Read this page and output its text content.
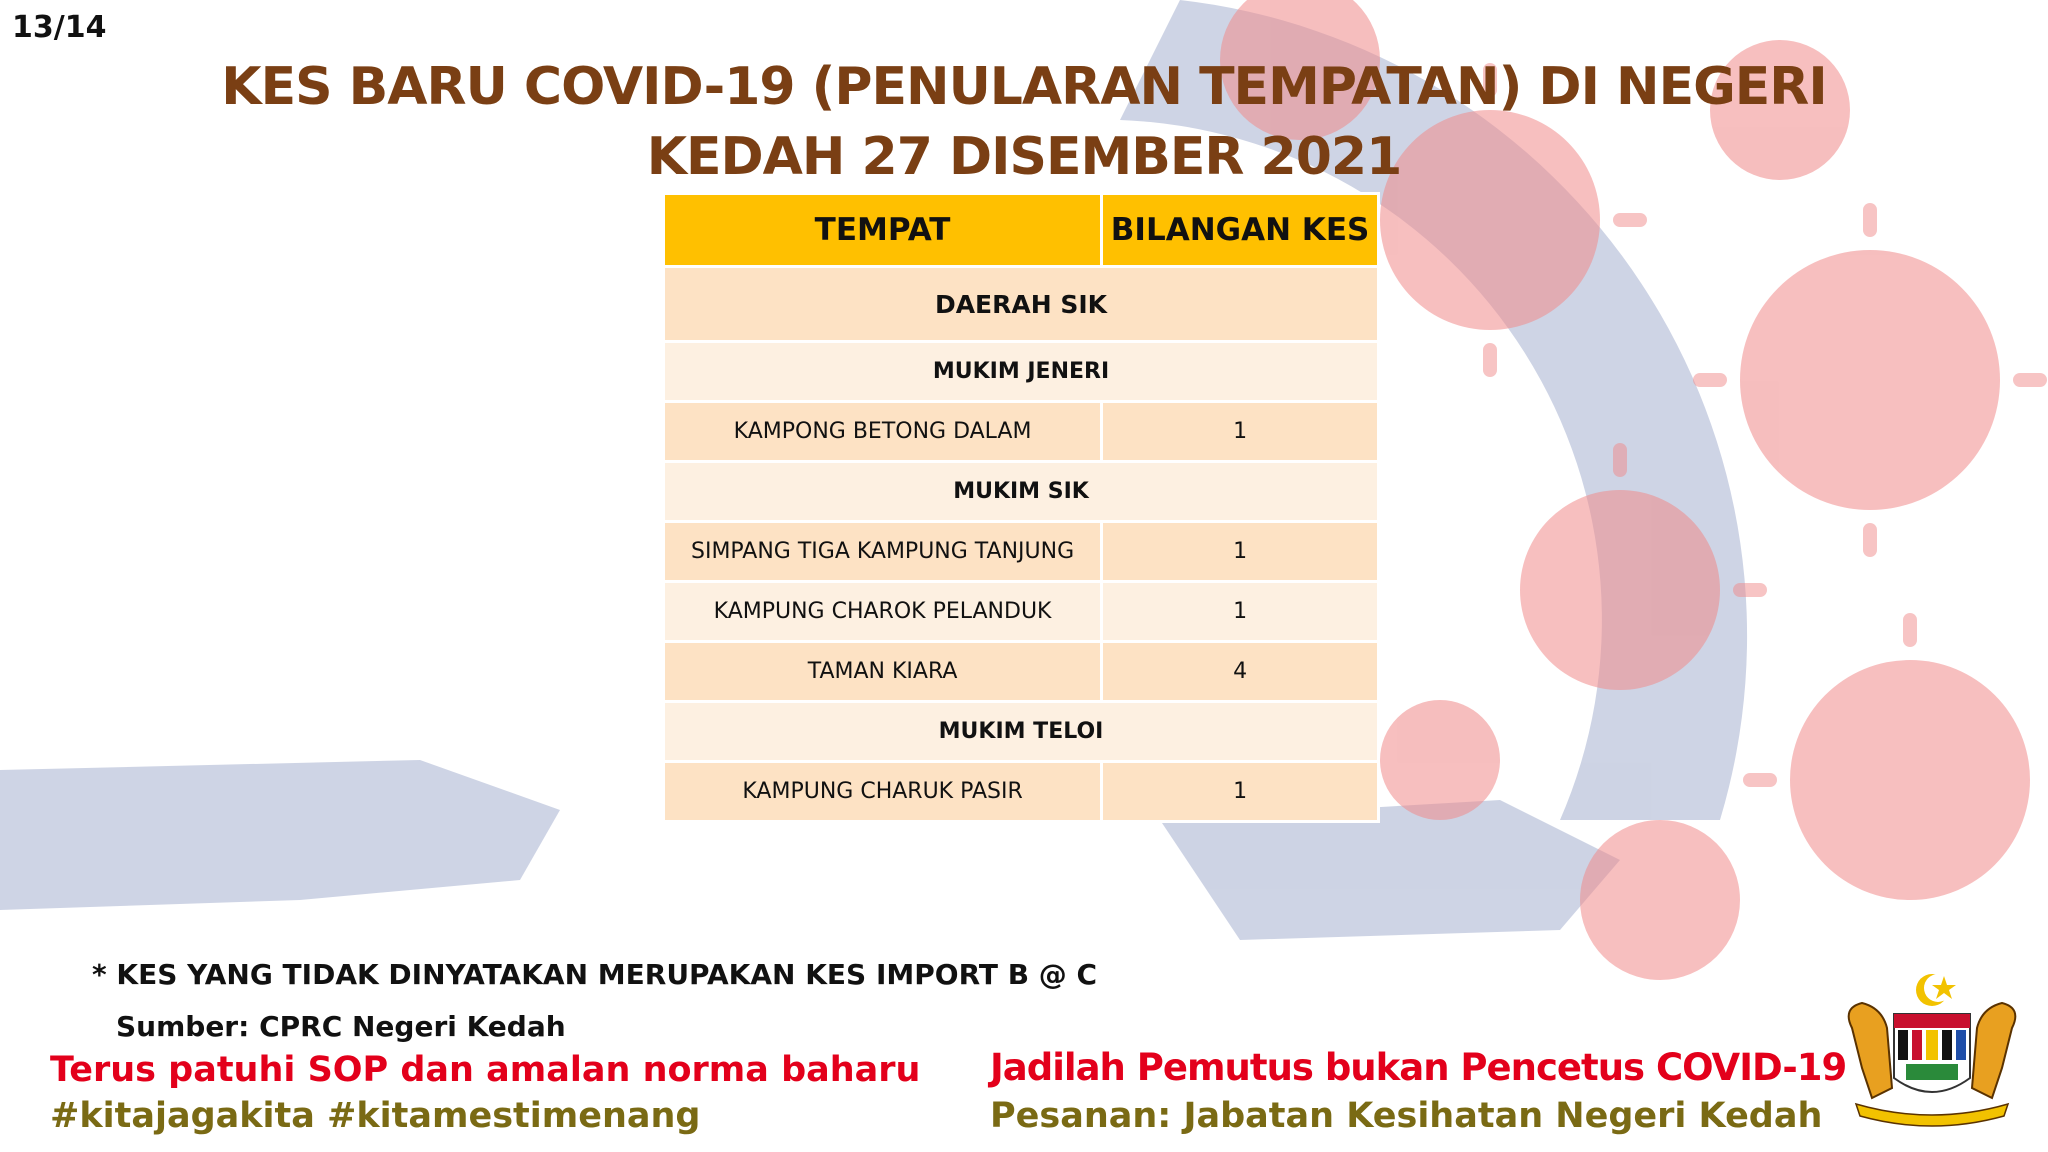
13/14
KES BARU COVID-19 (PENULARAN TEMPATAN) DI NEGERI
KEDAH 27 DISEMBER 2021
TEMPAT	BILANGAN KES
DAERAH SIK	
MUKIM JENERI	
KAMPONG BETONG DALAM	1
MUKIM SIK	
SIMPANG TIGA KAMPUNG TANJUNG	1
KAMPUNG CHAROK PELANDUK	1
TAMAN KIARA	4
MUKIM TELOI	
KAMPUNG CHARUK PASIR	1
* KES YANG TIDAK DINYATAKAN MERUPAKAN KES IMPORT B @ C
Sumber: CPRC Negeri Kedah
Terus patuhi SOP dan amalan norma baharu
#kitajagakita #kitamestimenang
Jadilah Pemutus bukan Pencetus COVID-19
Pesanan: Jabatan Kesihatan Negeri Kedah
